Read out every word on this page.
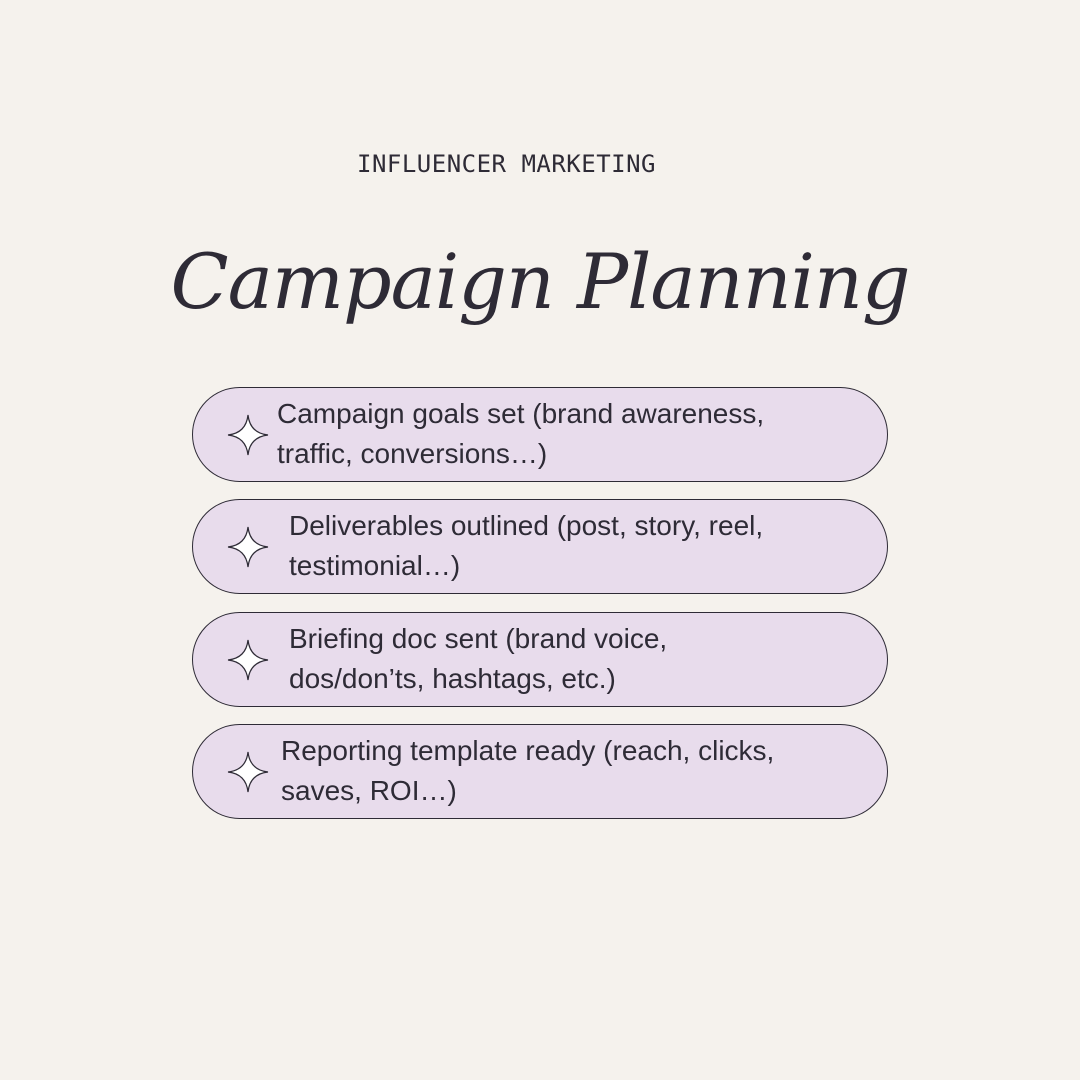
INFLUENCER MARKETING
Campaign Planning
Campaign goals set (brand awareness,
traffic, conversions…)
Deliverables outlined (post, story, reel,
testimonial…)
Briefing doc sent (brand voice,
dos/don’ts, hashtags, etc.)
Reporting template ready (reach, clicks,
saves, ROI…)
